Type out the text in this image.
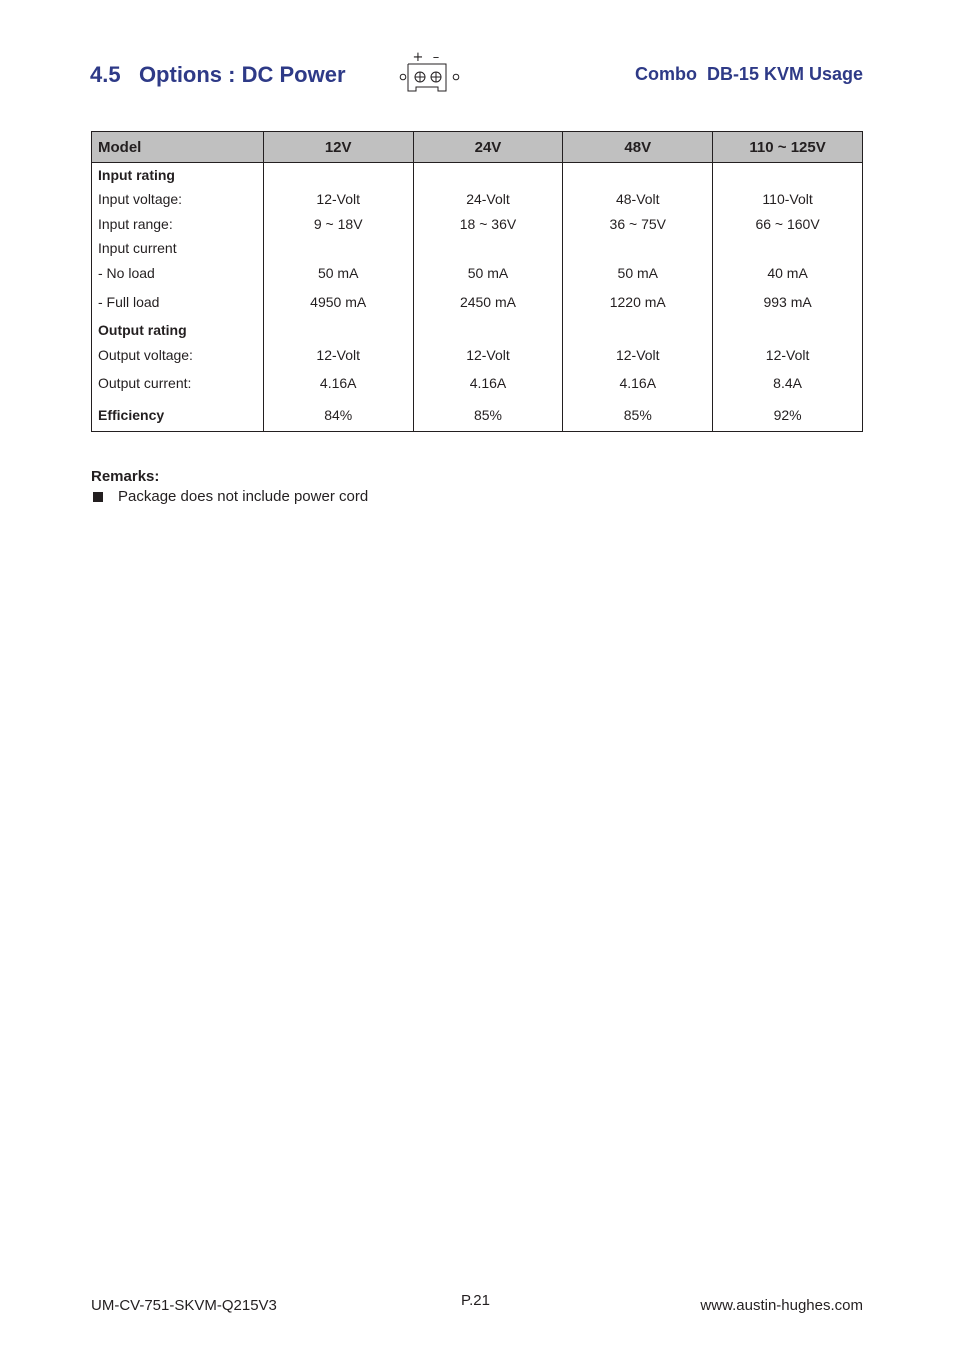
4.5 Options : DC Power
+ –
Combo  DB-15 KVM Usage
Model	12V	24V	48V	110 ~ 125V
Input rating				
Input voltage:	12-Volt	24-Volt	48-Volt	110-Volt
Input range:	9 ~ 18V	18 ~ 36V	36 ~ 75V	66 ~ 160V
Input current				
- No load	50 mA	50 mA	50 mA	40 mA
- Full load	4950 mA	2450 mA	1220 mA	993 mA
Output rating				
Output voltage:	12-Volt	12-Volt	12-Volt	12-Volt
Output current:	4.16A	4.16A	4.16A	8.4A
Efficiency	84%	85%	85%	92%
Remarks:
Package does not include power cord
UM-CV-751-SKVM-Q215V3	P.21	www.austin-hughes.com
